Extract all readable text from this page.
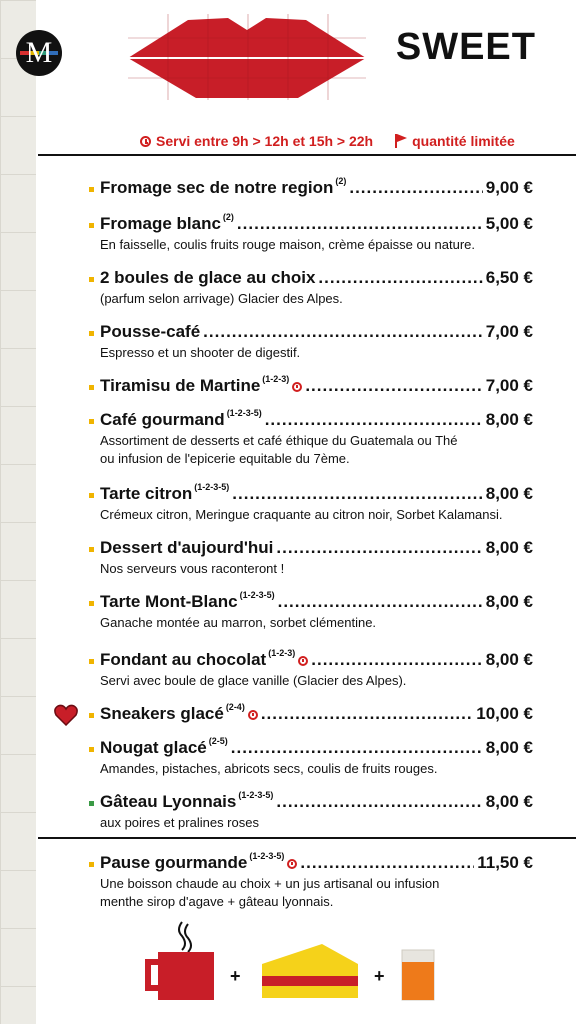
M	SWEET
Servi entre 9h > 12h et 15h > 22h	quantité limitée
Fromage sec de notre region $^{(2)}$ .....	9,00 €
Fromage blanc $^{(2)}$ .....	5,00 €
En faisselle, coulis fruits rouge maison, crème épaisse ou nature.
2 boules de glace au choix .....	6,50 €
(parfum selon arrivage) Glacier des Alpes.
Pousse-café .....	7,00 €
Espresso et un shooter de digestif.
Tiramisu de Martine $^{(1-2-3)}$ .....	7,00 €
Café gourmand $^{(1-2-3-5)}$ .....	8,00 €
Assortiment de desserts et café éthique du Guatemala ou Thé
ou infusion de l'epicerie equitable du 7ème.
Tarte citron $^{(1-2-3-5)}$ .....	8,00 €
Crémeux citron, Meringue craquante au citron noir, Sorbet Kalamansi.
Dessert d'aujourd'hui .....	8,00 €
Nos serveurs vous raconteront !
Tarte Mont-Blanc $^{(1-2-3-5)}$ .....	8,00 €
Ganache montée au marron, sorbet clémentine.
Fondant au chocolat $^{(1-2-3)}$ .....	8,00 €
Servi avec boule de glace vanille (Glacier des Alpes).
Sneakers glacé $^{(2-4)}$ .....	10,00 €
Nougat glacé $^{(2-5)}$ .....	8,00 €
Amandes, pistaches, abricots secs, coulis de fruits rouges.
Gâteau Lyonnais $^{(1-2-3-5)}$ .....	8,00 €
aux poires et pralines roses
Pause gourmande $^{(1-2-3-5)}$ .....	11,50 €
Une boisson chaude au choix + un jus artisanal ou infusion
menthe sirop d'agave + gâteau lyonnais.
+	+
